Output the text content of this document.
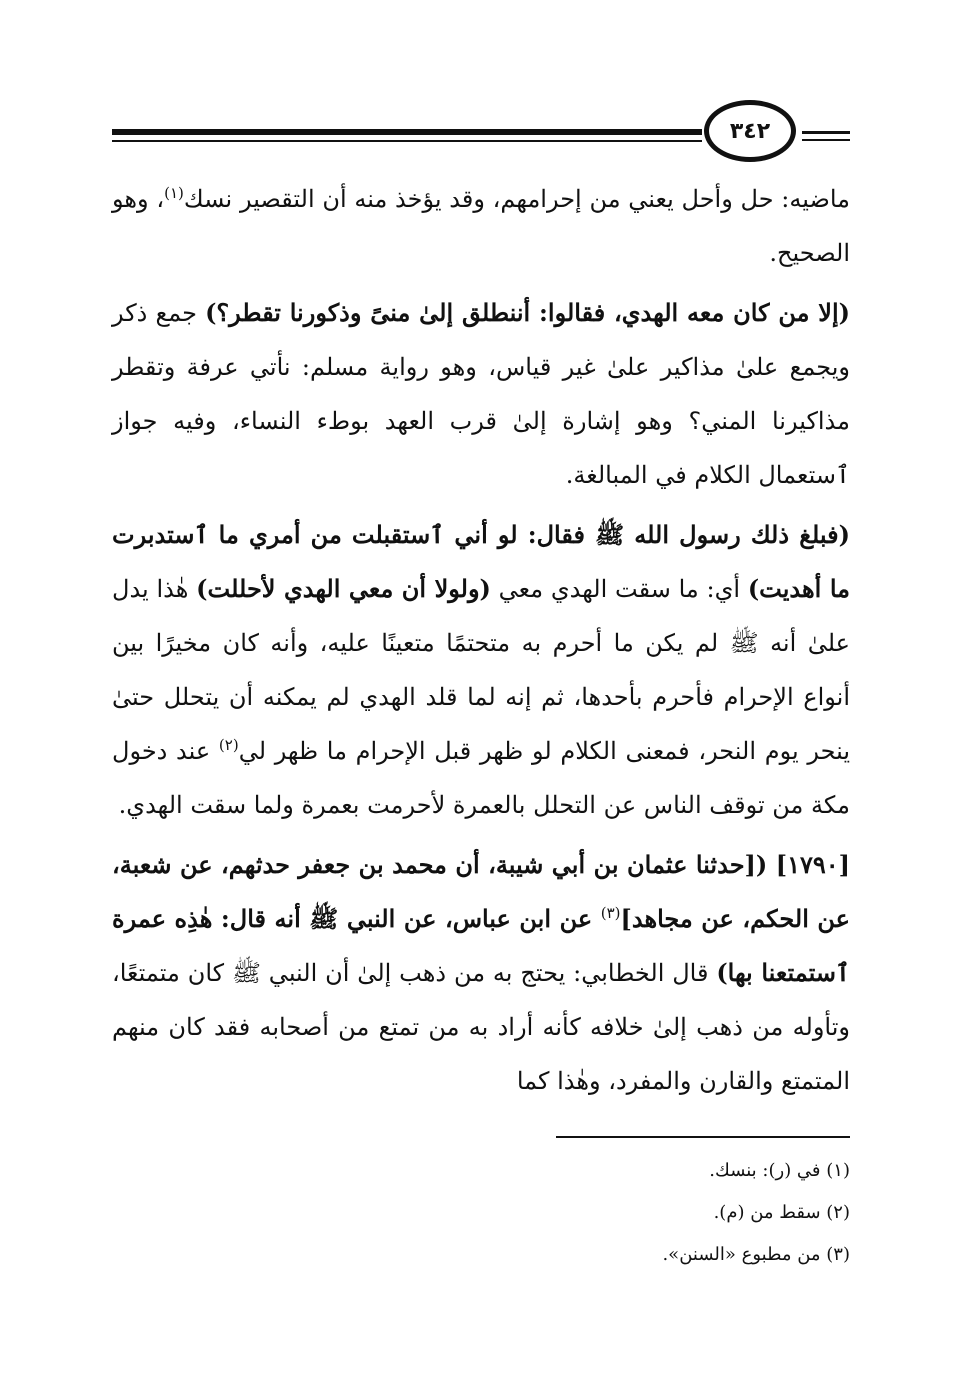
٣٤٢

ماضيه: حل وأحل يعني من إحرامهم، وقد يؤخذ منه أن التقصير نسك$^{(١)}$، وهو الصحيح.

(إلا من كان معه الهدي، فقالوا: أننطلق إلىٰ منىً وذكورنا تقطر؟) جمع ذكر ويجمع علىٰ مذاكير علىٰ غير قياس، وهو رواية مسلم: نأتي عرفة وتقطر مذاكيرنا المني؟ وهو إشارة إلىٰ قرب العهد بوطء النساء، وفيه جواز ٱستعمال الكلام في المبالغة.

(فبلغ ذلك رسول الله ﷺ فقال: لو أني ٱستقبلت من أمري ما ٱستدبرت ما أهديت) أي: ما سقت الهدي معي (ولولا أن معي الهدي لأحللت) هٰذا يدل علىٰ أنه ﷺ لم يكن ما أحرم به متحتمًا متعينًا عليه، وأنه كان مخيرًا بين أنواع الإحرام فأحرم بأحدها، ثم إنه لما قلد الهدي لم يمكنه أن يتحلل حتىٰ ينحر يوم النحر، فمعنى الكلام لو ظهر قبل الإحرام ما ظهر لي$^{(٢)}$ عند دخول مكة من توقف الناس عن التحلل بالعمرة لأحرمت بعمرة ولما سقت الهدي.

[١٧٩٠] ([حدثنا عثمان بن أبي شيبة، أن محمد بن جعفر حدثهم، عن شعبة، عن الحكم، عن مجاهد]$^{(٣)}$ عن ابن عباس، عن النبي ﷺ أنه قال: هٰذِه عمرة ٱستمتعنا بها) قال الخطابي: يحتج به من ذهب إلىٰ أن النبي ﷺ كان متمتعًا، وتأوله من ذهب إلىٰ خلافه كأنه أراد به من تمتع من أصحابه فقد كان منهم المتمتع والقارن والمفرد، وهٰذا كما

(١) في (ر): بنسك.

(٢) سقط من (م).

(٣) من مطبوع «السنن».
